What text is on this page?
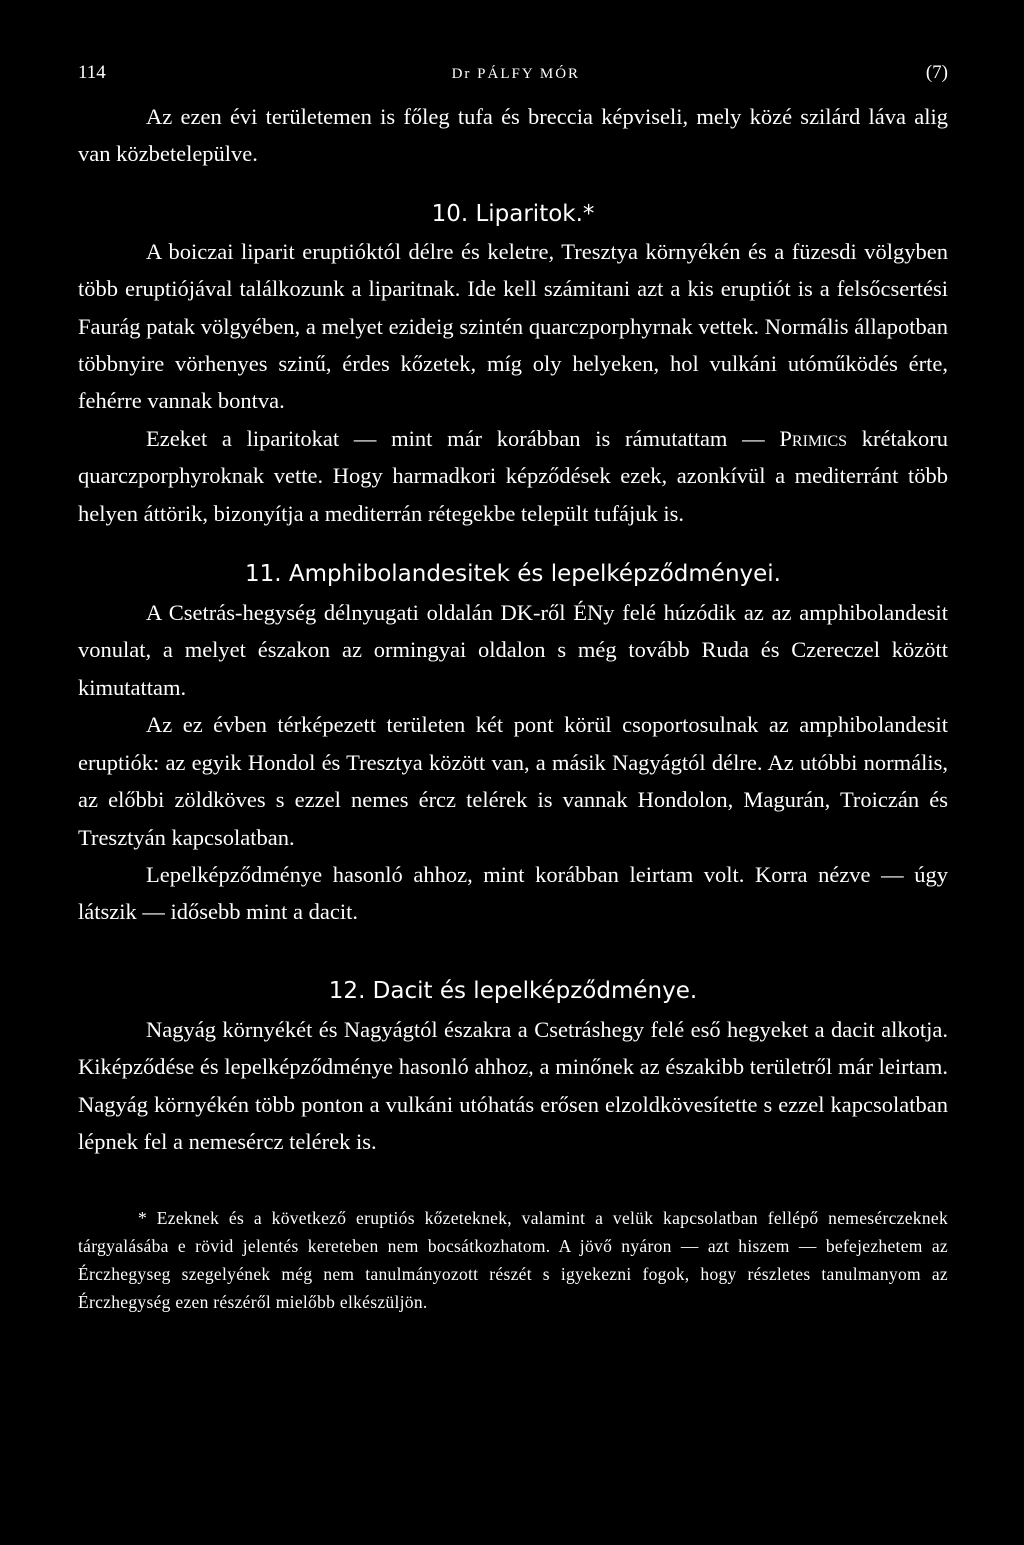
114	Dr PÁLFY MÓR	(7)

Az ezen évi területemen is főleg tufa és breccia képviseli, mely közé szilárd láva alig van közbetelepülve.

10. Liparitok.*

A boiczai liparit eruptióktól délre és keletre, Tresztya környékén és a füzesdi völgyben több eruptiójával találkozunk a liparitnak. Ide kell számitani azt a kis eruptiót is a felsőcsertési Faurág patak völgyében, a melyet ezideig szintén quarczporphyrnak vettek. Normális állapotban többnyire vörhenyes szinű, érdes kőzetek, míg oly helyeken, hol vulkáni utóműködés érte, fehérre vannak bontva.

Ezeket a liparitokat — mint már korábban is rámutattam — Primics krétakoru quarczporphyroknak vette. Hogy harmadkori képződések ezek, azonkívül a mediterránt több helyen áttörik, bizonyítja a mediterrán rétegekbe települt tufájuk is.

11. Amphibolandesitek és lepelképződményei.

A Csetrás-hegység délnyugati oldalán DK-ről ÉNy felé húzódik az az amphibolandesit vonulat, a melyet északon az ormingyai oldalon s még tovább Ruda és Czereczel között kimutattam.

Az ez évben térképezett területen két pont körül csoportosulnak az amphibolandesit eruptiók: az egyik Hondol és Tresztya között van, a másik Nagyágtól délre. Az utóbbi normális, az előbbi zöldköves s ezzel nemes ércz telérek is vannak Hondolon, Magurán, Troiczán és Tresztyán kapcsolatban.

Lepelképződménye hasonló ahhoz, mint korábban leirtam volt. Korra nézve — úgy látszik — idősebb mint a dacit.

12. Dacit és lepelképződménye.

Nagyág környékét és Nagyágtól északra a Csetráshegy felé eső hegyeket a dacit alkotja. Kiképződése és lepelképződménye hasonló ahhoz, a minőnek az északibb területről már leirtam. Nagyág környékén több ponton a vulkáni utóhatás erősen elzoldkövesítette s ezzel kapcsolatban lépnek fel a nemesércz telérek is.

* Ezeknek és a következő eruptiós kőzeteknek, valamint a velük kapcsolatban fellépő nemesérczeknek tárgyalásába e rövid jelentés kereteben nem bocsátkozhatom. A jövő nyáron — azt hiszem — befejezhetem az Érczhegyseg szegelyének még nem tanulmányozott részét s igyekezni fogok, hogy részletes tanulmanyom az Érczhegység ezen részéről mielőbb elkészüljön.
